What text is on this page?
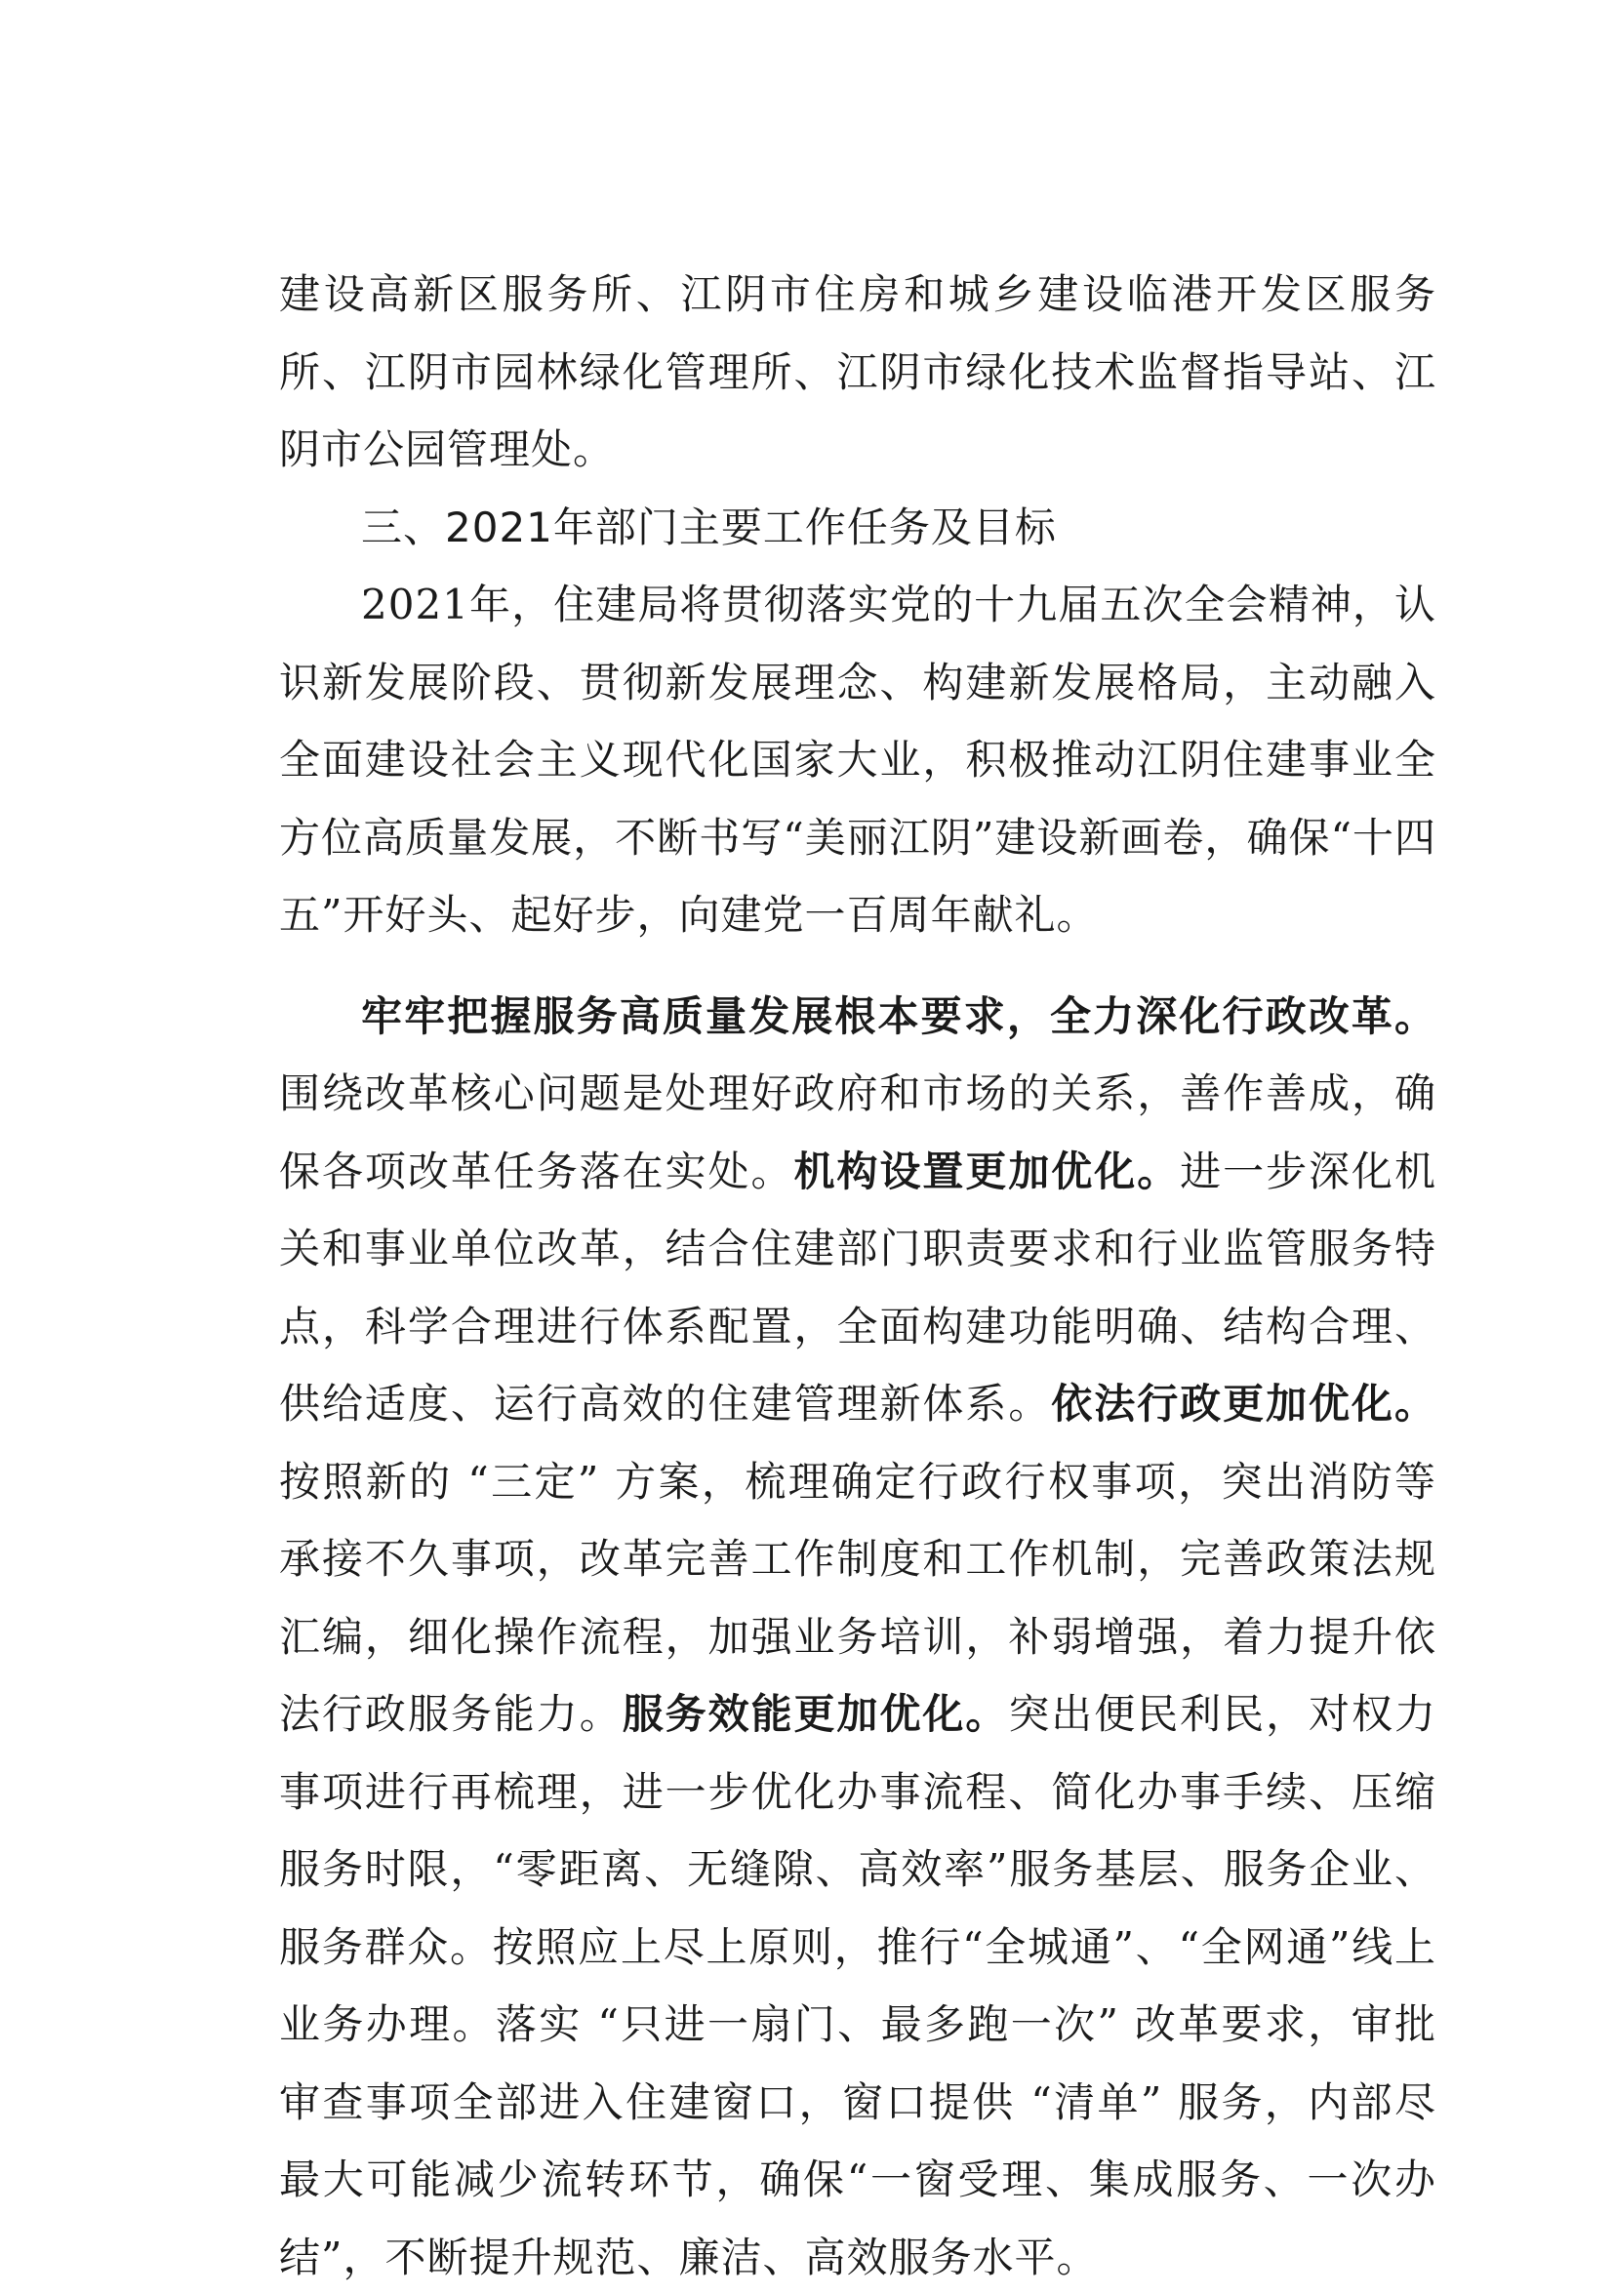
建设高新区服务所、江阴市住房和城乡建设临港开发区服务所、江阴市园林绿化管理所、江阴市绿化技术监督指导站、江阴市公园管理处。

三、2021年部门主要工作任务及目标

2021年，住建局将贯彻落实党的十九届五次全会精神，认识新发展阶段、贯彻新发展理念、构建新发展格局，主动融入全面建设社会主义现代化国家大业，积极推动江阴住建事业全方位高质量发展，不断书写“美丽江阴”建设新画卷，确保“十四五”开好头、起好步，向建党一百周年献礼。

牢牢把握服务高质量发展根本要求，全力深化行政改革。围绕改革核心问题是处理好政府和市场的关系，善作善成，确保各项改革任务落在实处。机构设置更加优化。进一步深化机关和事业单位改革，结合住建部门职责要求和行业监管服务特点，科学合理进行体系配置，全面构建功能明确、结构合理、供给适度、运行高效的住建管理新体系。依法行政更加优化。按照新的 “三定” 方案，梳理确定行政行权事项，突出消防等承接不久事项，改革完善工作制度和工作机制，完善政策法规汇编，细化操作流程，加强业务培训，补弱增强，着力提升依法行政服务能力。服务效能更加优化。突出便民利民，对权力事项进行再梳理，进一步优化办事流程、简化办事手续、压缩服务时限，“零距离、无缝隙、高效率”服务基层、服务企业、服务群众。按照应上尽上原则，推行“全城通”、“全网通”线上业务办理。落实 “只进一扇门、最多跑一次” 改革要求，审批审查事项全部进入住建窗口，窗口提供 “清单” 服务，内部尽最大可能减少流转环节，确保“一窗受理、集成服务、一次办结”，不断提升规范、廉洁、高效服务水平。
